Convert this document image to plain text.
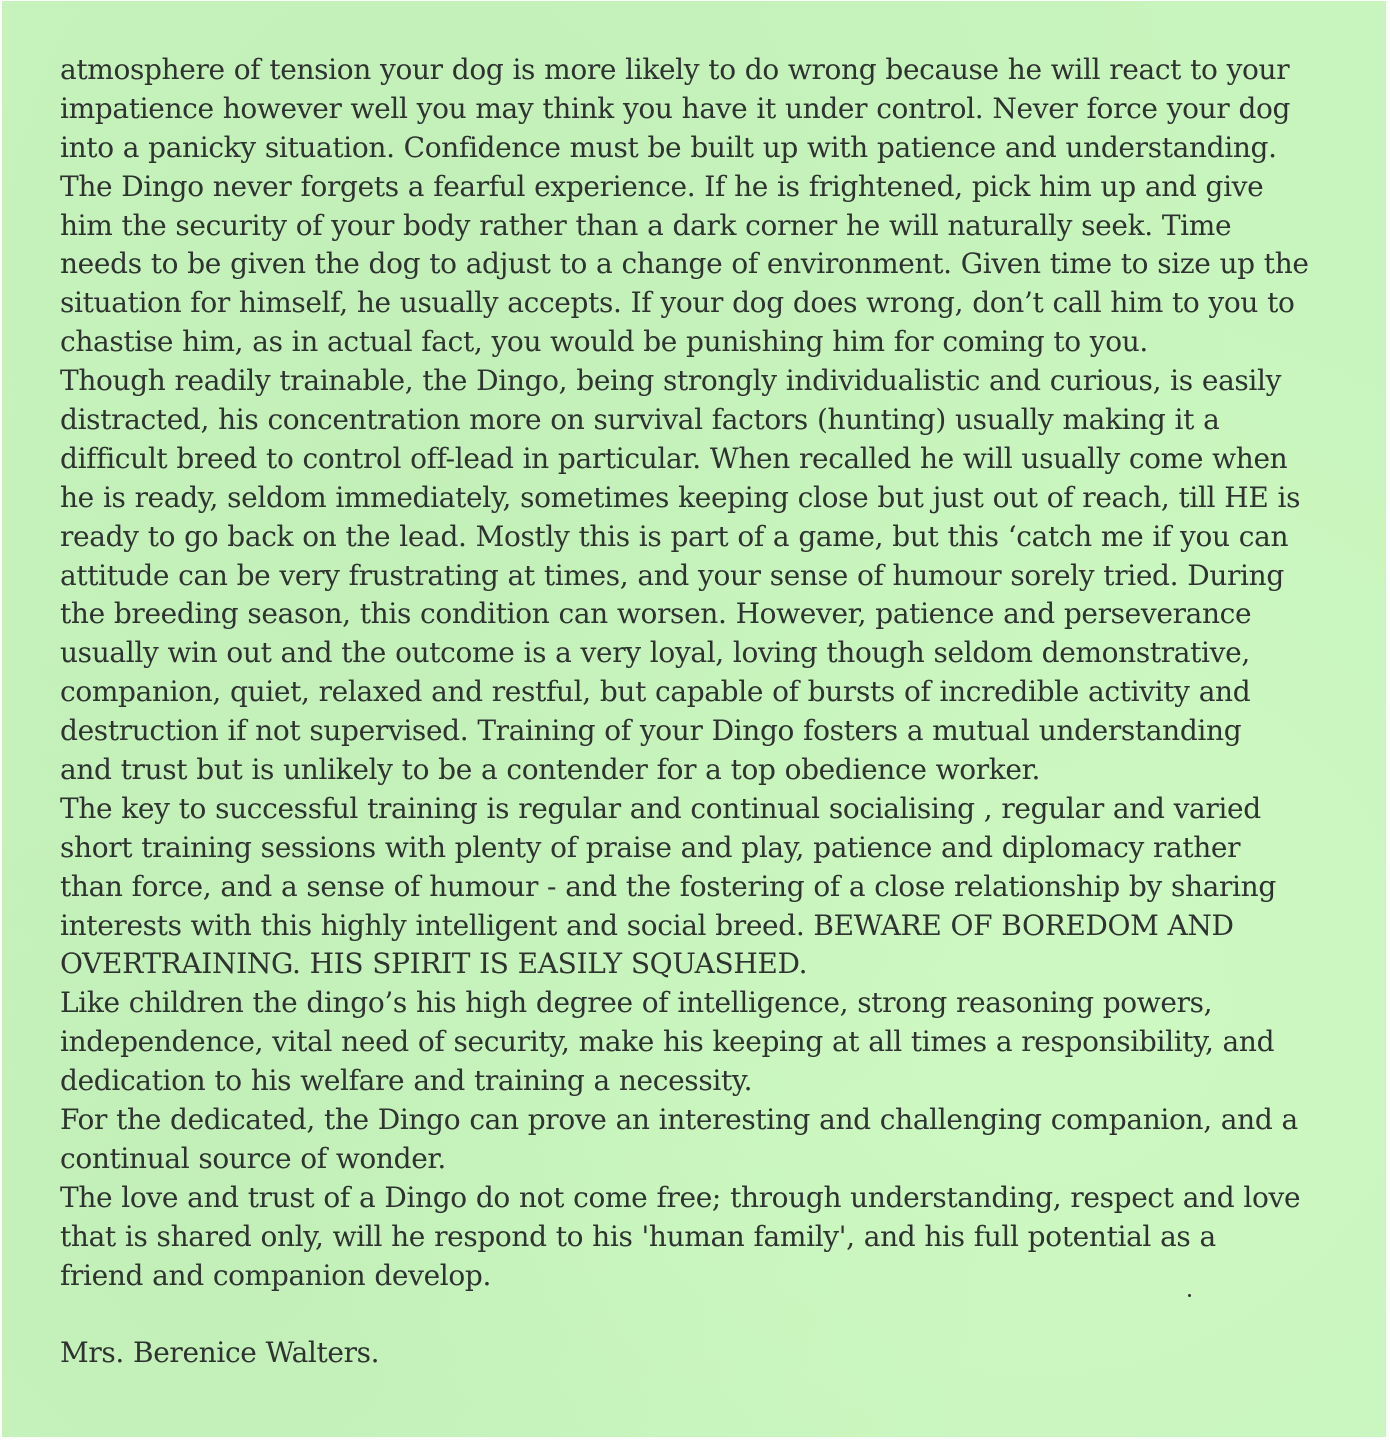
atmosphere of tension your dog is more likely to do wrong because he will react to your
impatience however well you may think you have it under control. Never force your dog
into a panicky situation. Confidence must be built up with patience and understanding.
The Dingo never forgets a fearful experience. If he is frightened, pick him up and give
him the security of your body rather than a dark corner he will naturally seek. Time
needs to be given the dog to adjust to a change of environment. Given time to size up the
situation for himself, he usually accepts. If your dog does wrong, don’t call him to you to
chastise him, as in actual fact, you would be punishing him for coming to you.
Though readily trainable, the Dingo, being strongly individualistic and curious, is easily
distracted, his concentration more on survival factors (hunting) usually making it a
difficult breed to control off-lead in particular. When recalled he will usually come when
he is ready, seldom immediately, sometimes keeping close but just out of reach, till HE is
ready to go back on the lead. Mostly this is part of a game, but this ‘catch me if you can
attitude can be very frustrating at times, and your sense of humour sorely tried. During
the breeding season, this condition can worsen. However, patience and perseverance
usually win out and the outcome is a very loyal, loving though seldom demonstrative,
companion, quiet, relaxed and restful, but capable of bursts of incredible activity and
destruction if not supervised. Training of your Dingo fosters a mutual understanding
and trust but is unlikely to be a contender for a top obedience worker.
The key to successful training is regular and continual socialising , regular and varied
short training sessions with plenty of praise and play, patience and diplomacy rather
than force, and a sense of humour - and the fostering of a close relationship by sharing
interests with this highly intelligent and social breed. BEWARE OF BOREDOM AND
OVERTRAINING. HIS SPIRIT IS EASILY SQUASHED.
Like children the dingo’s his high degree of intelligence, strong reasoning powers,
independence, vital need of security, make his keeping at all times a responsibility, and
dedication to his welfare and training a necessity.
For the dedicated, the Dingo can prove an interesting and challenging companion, and a
continual source of wonder.
The love and trust of a Dingo do not come free; through understanding, respect and love
that is shared only, will he respond to his 'human family', and his full potential as a
friend and companion develop.
Mrs. Berenice Walters.
